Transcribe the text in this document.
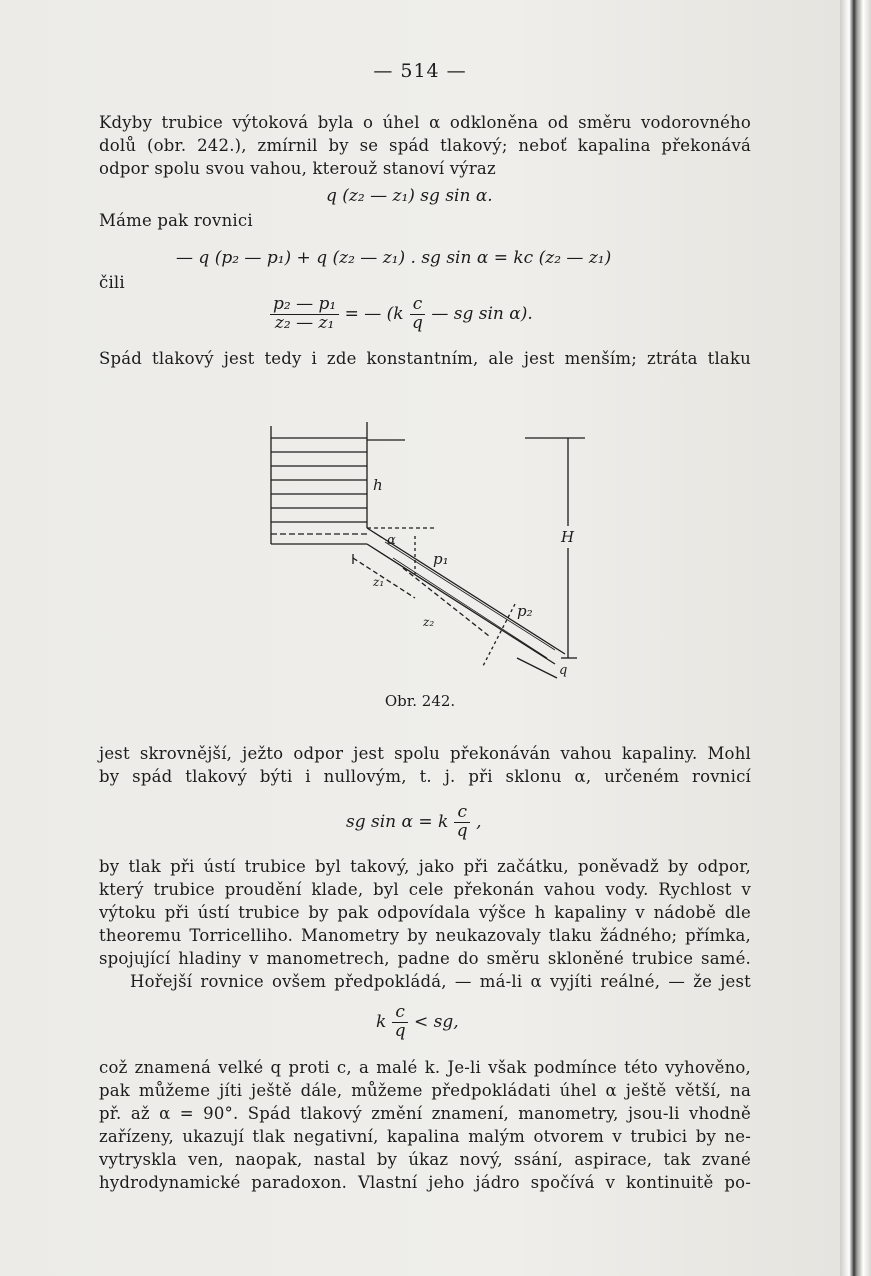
— 514 —
Kdyby trubice výtoková byla o úhel α odkloněna od směru vodorovného
dolů (obr. 242.), zmírnil by se spád tlakový; neboť kapalina překonává
odpor spolu svou vahou, kterouž stanoví výraz
q (z₂ — z₁) sg sin α.
Máme pak rovnici
— q (p₂ — p₁) + q (z₂ — z₁) . sg sin α = kc (z₂ — z₁)
čili
$\frac{\text{p₂ — p₁}}{\text{z₂ — z₁}}$ = — ($k \frac{c}{q}$ — sg sin α).
Spád tlakový jest tedy i zde konstantním, ale jest menším; ztráta tlaku
h
H
α
p₁
p₂
z₁
z₂
q
Obr. 242.
jest skrovnější, ježto odpor jest spolu překonáván vahou kapaliny. Mohl
by spád tlakový býti i nullovým, t. j. při sklonu α, určeném rovnicí
sg sin α = k $\frac{c}{q}$ ,
by tlak při ústí trubice byl takový, jako při začátku, poněvadž by odpor,
který trubice proudění klade, byl cele překonán vahou vody. Rychlost v
výtoku při ústí trubice by pak odpovídala výšce h kapaliny v nádobě dle
theoremu Torricelliho. Manometry by neukazovaly tlaku žádného; přímka,
spojující hladiny v manometrech, padne do směru skloněné trubice samé.
Hořejší rovnice ovšem předpokládá, — má-li α vyjíti reálné, — že jest
k $\frac{c}{q}$ < sg,
což znamená velké q proti c, a malé k. Je-li však podmínce této vyhověno,
pak můžeme jíti ještě dále, můžeme předpokládati úhel α ještě větší, na
př. až α = 90°. Spád tlakový změní znamení, manometry, jsou-li vhodně
zařízeny, ukazují tlak negativní, kapalina malým otvorem v trubici by ne-
vytryskla ven, naopak, nastal by úkaz nový, ssání, aspirace, tak zvané
hydrodynamické paradoxon. Vlastní jeho jádro spočívá v kontinuitě po-
